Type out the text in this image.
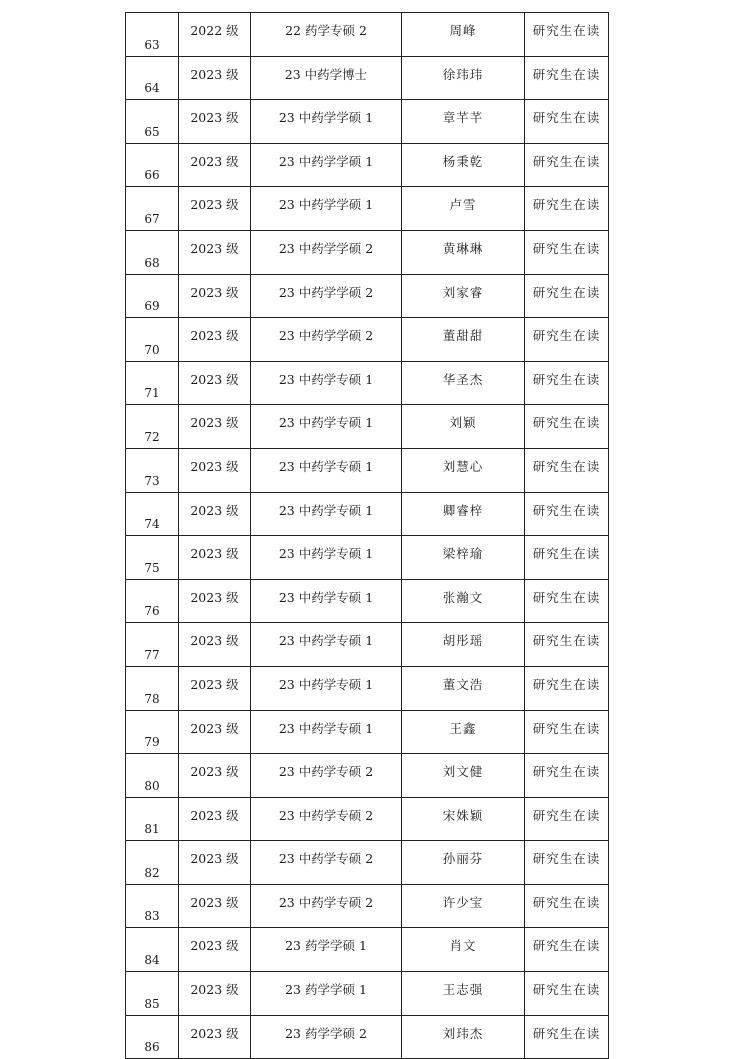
63	2022 级	22 药学专硕 2	周峰	研究生在读
64	2023 级	23 中药学博士	徐玮玮	研究生在读
65	2023 级	23 中药学学硕 1	章芊芊	研究生在读
66	2023 级	23 中药学学硕 1	杨秉乾	研究生在读
67	2023 级	23 中药学学硕 1	卢雪	研究生在读
68	2023 级	23 中药学学硕 2	黄琳琳	研究生在读
69	2023 级	23 中药学学硕 2	刘家睿	研究生在读
70	2023 级	23 中药学学硕 2	董甜甜	研究生在读
71	2023 级	23 中药学专硕 1	华圣杰	研究生在读
72	2023 级	23 中药学专硕 1	刘颖	研究生在读
73	2023 级	23 中药学专硕 1	刘慧心	研究生在读
74	2023 级	23 中药学专硕 1	卿睿梓	研究生在读
75	2023 级	23 中药学专硕 1	梁梓瑜	研究生在读
76	2023 级	23 中药学专硕 1	张瀚文	研究生在读
77	2023 级	23 中药学专硕 1	胡彤瑶	研究生在读
78	2023 级	23 中药学专硕 1	董文浩	研究生在读
79	2023 级	23 中药学专硕 1	王鑫	研究生在读
80	2023 级	23 中药学专硕 2	刘文健	研究生在读
81	2023 级	23 中药学专硕 2	宋姝颖	研究生在读
82	2023 级	23 中药学专硕 2	孙丽芬	研究生在读
83	2023 级	23 中药学专硕 2	许少宝	研究生在读
84	2023 级	23 药学学硕 1	肖文	研究生在读
85	2023 级	23 药学学硕 1	王志强	研究生在读
86	2023 级	23 药学学硕 2	刘玮杰	研究生在读
